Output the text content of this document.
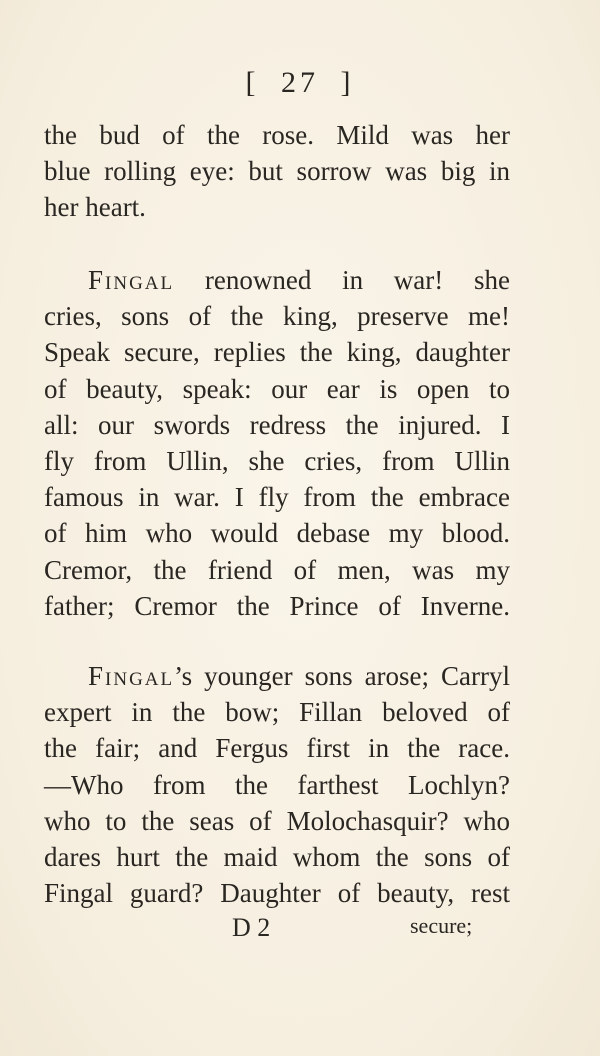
[ 27 ]
the bud of the rose. Mild was her
blue rolling eye: but sorrow was big in
her heart.
Fingal renowned in war! she
cries, sons of the king, preserve me!
Speak secure, replies the king, daughter
of beauty, speak: our ear is open to
all: our swords redress the injured. I
fly from Ullin, she cries, from Ullin
famous in war. I fly from the embrace
of him who would debase my blood.
Cremor, the friend of men, was my
father; Cremor the Prince of Inverne.
Fingal’s younger sons arose; Carryl
expert in the bow; Fillan beloved of
the fair; and Fergus first in the race.
—Who from the farthest Lochlyn?
who to the seas of Molochasquir? who
dares hurt the maid whom the sons of
Fingal guard? Daughter of beauty, rest
D 2	secure;
